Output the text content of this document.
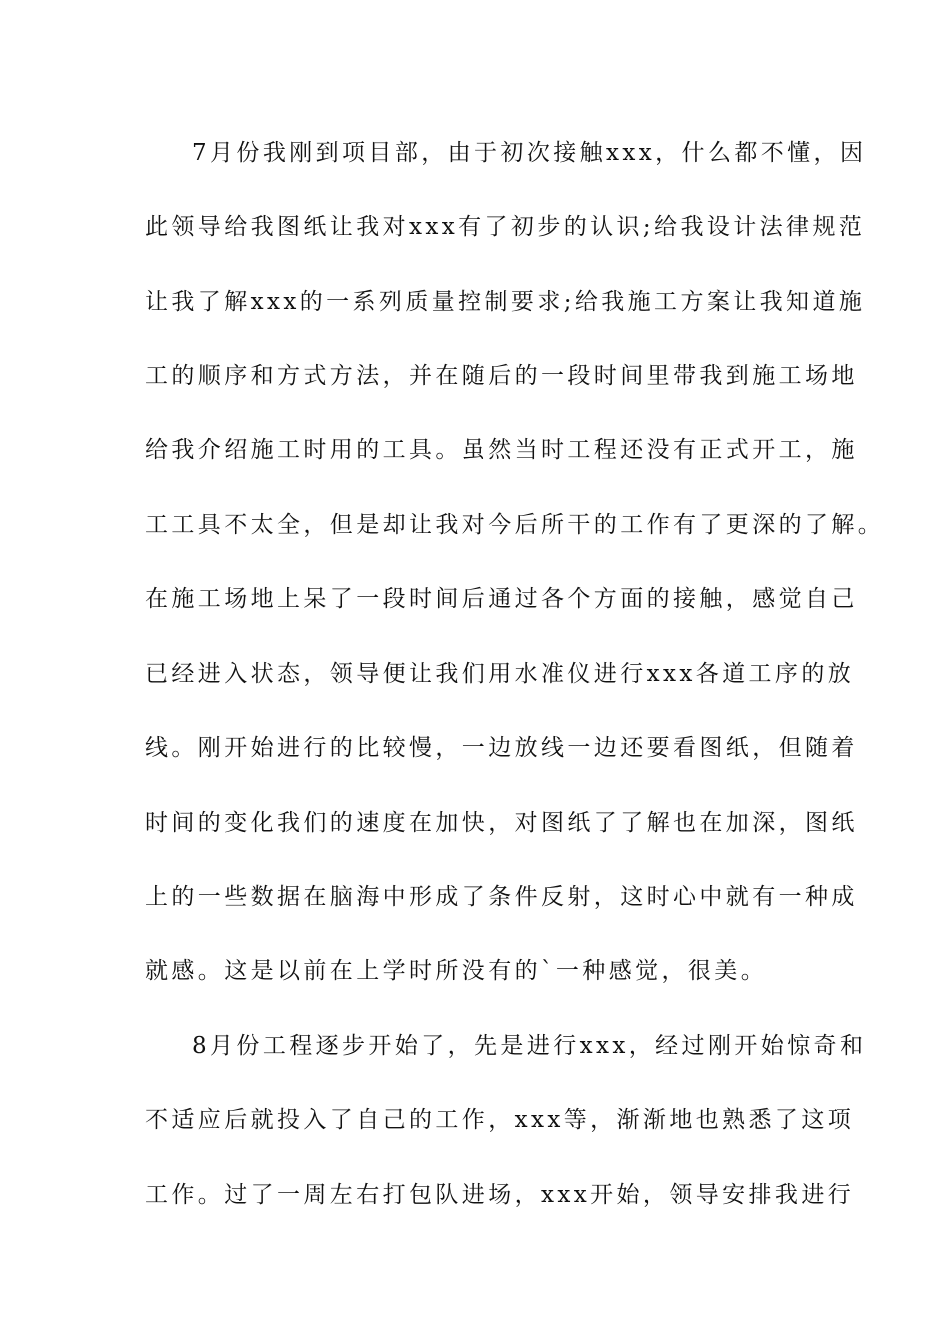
7月份我刚到项目部，由于初次接触xxx，什么都不懂，因
此领导给我图纸让我对xxx有了初步的认识;给我设计法律规范
让我了解xxx的一系列质量控制要求;给我施工方案让我知道施
工的顺序和方式方法，并在随后的一段时间里带我到施工场地
给我介绍施工时用的工具。虽然当时工程还没有正式开工，施
工工具不太全，但是却让我对今后所干的工作有了更深的了解。
在施工场地上呆了一段时间后通过各个方面的接触，感觉自己
已经进入状态，领导便让我们用水准仪进行xxx各道工序的放
线。刚开始进行的比较慢，一边放线一边还要看图纸，但随着
时间的变化我们的速度在加快，对图纸了了解也在加深，图纸
上的一些数据在脑海中形成了条件反射，这时心中就有一种成
就感。这是以前在上学时所没有的`一种感觉，很美。
8月份工程逐步开始了，先是进行xxx，经过刚开始惊奇和
不适应后就投入了自己的工作，xxx等，渐渐地也熟悉了这项
工作。过了一周左右打包队进场，xxx开始，领导安排我进行
